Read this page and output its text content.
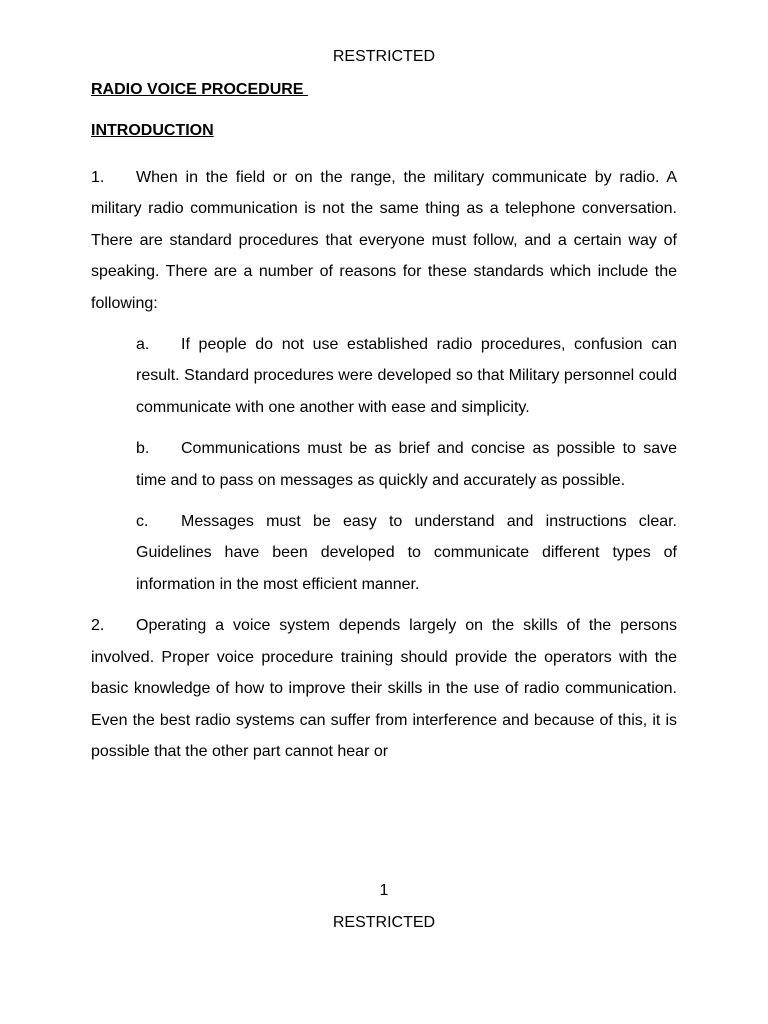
RESTRICTED
RADIO VOICE PROCEDURE
INTRODUCTION

1. When in the field or on the range, the military communicate by radio. A military radio communication is not the same thing as a telephone conversation. There are standard procedures that everyone must follow, and a certain way of speaking. There are a number of reasons for these standards which include the following:

a. If people do not use established radio procedures, confusion can result. Standard procedures were developed so that Military personnel could communicate with one another with ease and simplicity.

b. Communications must be as brief and concise as possible to save time and to pass on messages as quickly and accurately as possible.

c. Messages must be easy to understand and instructions clear. Guidelines have been developed to communicate different types of information in the most efficient manner.

2. Operating a voice system depends largely on the skills of the persons involved. Proper voice procedure training should provide the operators with the basic knowledge of how to improve their skills in the use of radio communication. Even the best radio systems can suffer from interference and because of this, it is possible that the other part cannot hear or

1
RESTRICTED
